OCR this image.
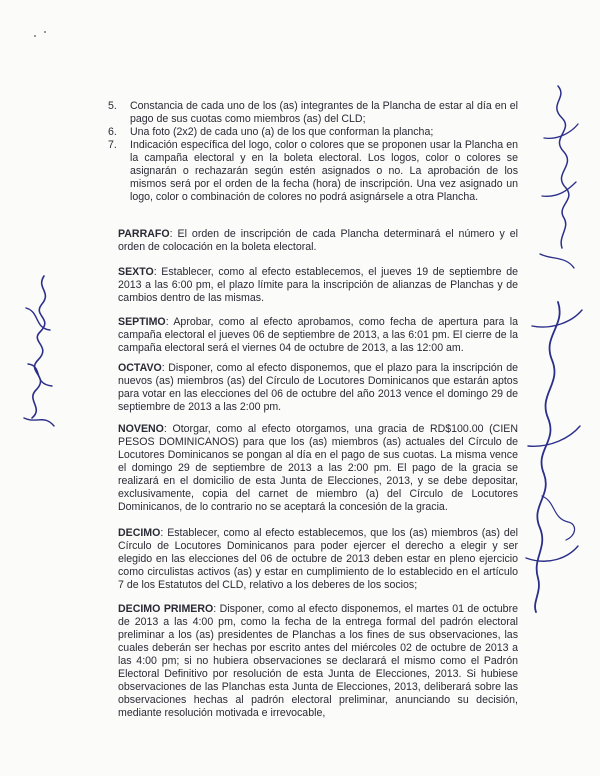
5.	Constancia de cada uno de los (as) integrantes de la Plancha de estar al día en el pago de sus cuotas como miembros (as) del CLD;
6.	Una foto (2x2) de cada uno (a) de los que conforman la plancha;
7.	Indicación específica del logo, color o colores que se proponen usar la Plancha en la campaña electoral y en la boleta electoral. Los logos, color o colores se asignarán o rechazarán según estén asignados o no. La aprobación de los mismos será por el orden de la fecha (hora) de inscripción. Una vez asignado un logo, color o combinación de colores no podrá asignársele a otra Plancha.
PARRAFO: El orden de inscripción de cada Plancha determinará el número y el orden de colocación en la boleta electoral.
SEXTO: Establecer, como al efecto establecemos, el jueves 19 de septiembre de 2013 a las 6:00 pm, el plazo límite para la inscripción de alianzas de Planchas y de cambios dentro de las mismas.
SEPTIMO: Aprobar, como al efecto aprobamos, como fecha de apertura para la campaña electoral el jueves 06 de septiembre de 2013, a las 6:01 pm. El cierre de la campaña electoral será el viernes 04 de octubre de 2013, a las 12:00 am.
OCTAVO: Disponer, como al efecto disponemos, que el plazo para la inscripción de nuevos (as) miembros (as) del Círculo de Locutores Dominicanos que estarán aptos para votar en las elecciones del 06 de octubre del año 2013 vence el domingo 29 de septiembre de 2013 a las 2:00 pm.
NOVENO: Otorgar, como al efecto otorgamos, una gracia de RD$100.00 (CIEN PESOS DOMINICANOS) para que los (as) miembros (as) actuales del Círculo de Locutores Dominicanos se pongan al día en el pago de sus cuotas. La misma vence el domingo 29 de septiembre de 2013 a las 2:00 pm. El pago de la gracia se realizará en el domicilio de esta Junta de Elecciones, 2013, y se debe depositar, exclusivamente, copia del carnet de miembro (a) del Círculo de Locutores Dominicanos, de lo contrario no se aceptará la concesión de la gracia.
DECIMO: Establecer, como al efecto establecemos, que los (as) miembros (as) del Círculo de Locutores Dominicanos para poder ejercer el derecho a elegir y ser elegido en las elecciones del 06 de octubre de 2013 deben estar en pleno ejercicio como circulistas activos (as) y estar en cumplimiento de lo establecido en el artículo 7 de los Estatutos del CLD, relativo a los deberes de los socios;
DECIMO PRIMERO: Disponer, como al efecto disponemos, el martes 01 de octubre de 2013 a las 4:00 pm, como la fecha de la entrega formal del padrón electoral preliminar a los (as) presidentes de Planchas a los fines de sus observaciones, las cuales deberán ser hechas por escrito antes del miércoles 02 de octubre de 2013 a las 4:00 pm; si no hubiera observaciones se declarará el mismo como el Padrón Electoral Definitivo por resolución de esta Junta de Elecciones, 2013. Si hubiese observaciones de las Planchas esta Junta de Elecciones, 2013, deliberará sobre las observaciones hechas al padrón electoral preliminar, anunciando su decisión, mediante resolución motivada e irrevocable,
